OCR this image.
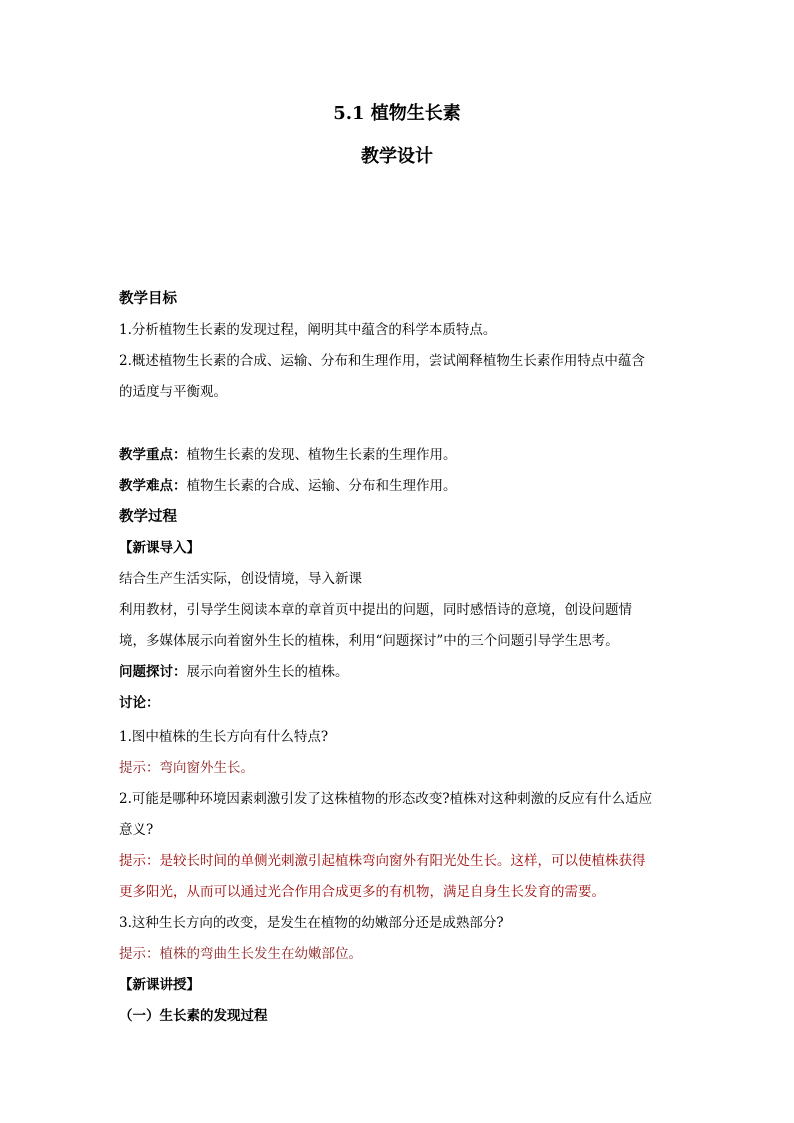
5.1 植物生长素
教学设计
教学目标
1.分析植物生长素的发现过程，阐明其中蕴含的科学本质特点。
2.概述植物生长素的合成、运输、分布和生理作用，尝试阐释植物生长素作用特点中蕴含
的适度与平衡观。
教学重点：植物生长素的发现、植物生长素的生理作用。
教学难点：植物生长素的合成、运输、分布和生理作用。
教学过程
【新课导入】
结合生产生活实际，创设情境，导入新课
利用教材，引导学生阅读本章的章首页中提出的问题，同时感悟诗的意境，创设问题情
境，多媒体展示向着窗外生长的植株，利用“问题探讨”中的三个问题引导学生思考。
问题探讨：展示向着窗外生长的植株。
讨论：
1.图中植株的生长方向有什么特点?
提示：弯向窗外生长。
2.可能是哪种环境因素刺激引发了这株植物的形态改变?植株对这种刺激的反应有什么适应
意义?
提示：是较长时间的单侧光刺激引起植株弯向窗外有阳光处生长。这样，可以使植株获得
更多阳光，从而可以通过光合作用合成更多的有机物，满足自身生长发育的需要。
3.这种生长方向的改变，是发生在植物的幼嫩部分还是成熟部分?
提示：植株的弯曲生长发生在幼嫩部位。
【新课讲授】
（一）生长素的发现过程
